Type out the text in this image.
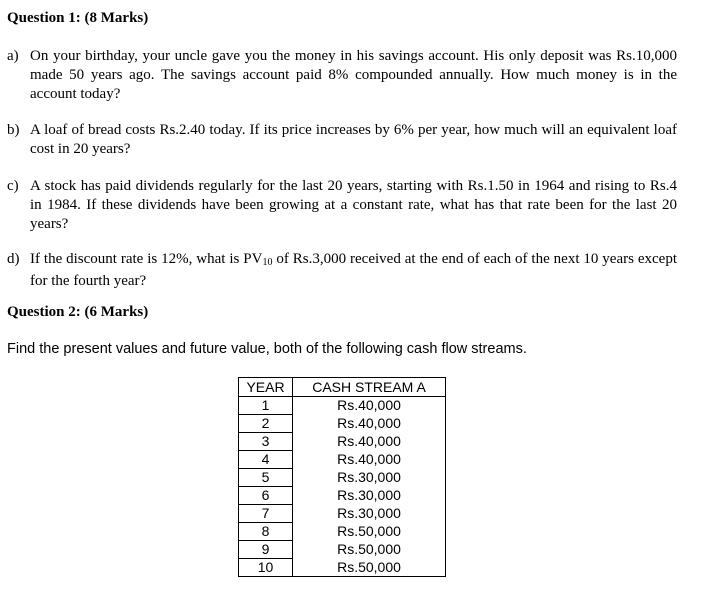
Question 1: (8 Marks)
a) On your birthday, your uncle gave you the money in his savings account. His only deposit was Rs.10,000 made 50 years ago. The savings account paid 8% compounded annually. How much money is in the account today?
b) A loaf of bread costs Rs.2.40 today. If its price increases by 6% per year, how much will an equivalent loaf cost in 20 years?
c) A stock has paid dividends regularly for the last 20 years, starting with Rs.1.50 in 1964 and rising to Rs.4 in 1984. If these dividends have been growing at a constant rate, what has that rate been for the last 20 years?
d) If the discount rate is 12%, what is $PV_{10}$ of Rs.3,000 received at the end of each of the next 10 years except for the fourth year?
Question 2: (6 Marks)
Find the present values and future value, both of the following cash flow streams.
YEAR	CASH STREAM A
1	Rs.40,000
2	Rs.40,000
3	Rs.40,000
4	Rs.40,000
5	Rs.30,000
6	Rs.30,000
7	Rs.30,000
8	Rs.50,000
9	Rs.50,000
10	Rs.50,000
